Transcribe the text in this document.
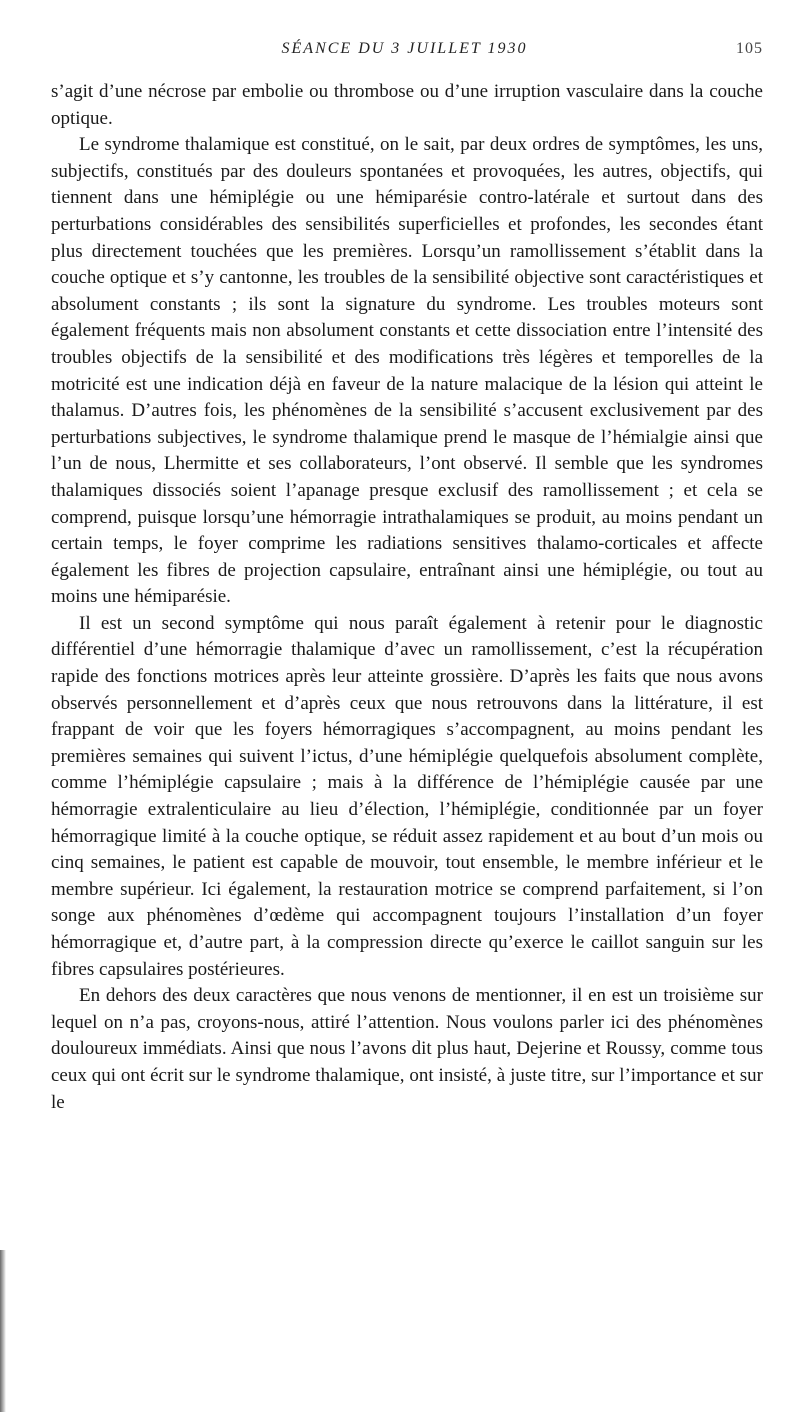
SÉANCE DU 3 JUILLET 1930	105

s’agit d’une nécrose par embolie ou thrombose ou d’une irruption vasculaire dans la couche optique.

Le syndrome thalamique est constitué, on le sait, par deux ordres de symptômes, les uns, subjectifs, constitués par des douleurs spontanées et provoquées, les autres, objectifs, qui tiennent dans une hémiplégie ou une hémiparésie contro-latérale et surtout dans des perturbations considérables des sensibilités superficielles et profondes, les secondes étant plus directement touchées que les premières. Lorsqu’un ramollissement s’établit dans la couche optique et s’y cantonne, les troubles de la sensibilité objective sont caractéristiques et absolument constants ; ils sont la signature du syndrome. Les troubles moteurs sont également fréquents mais non absolument constants et cette dissociation entre l’intensité des troubles objectifs de la sensibilité et des modifications très légères et temporelles de la motricité est une indication déjà en faveur de la nature malacique de la lésion qui atteint le thalamus. D’autres fois, les phénomènes de la sensibilité s’accusent exclusivement par des perturbations subjectives, le syndrome thalamique prend le masque de l’hémialgie ainsi que l’un de nous, Lhermitte et ses collaborateurs, l’ont observé. Il semble que les syndromes thalamiques dissociés soient l’apanage presque exclusif des ramollissement ; et cela se comprend, puisque lorsqu’une hémorragie intrathalamiques se produit, au moins pendant un certain temps, le foyer comprime les radiations sensitives thalamo-corticales et affecte également les fibres de projection capsulaire, entraînant ainsi une hémiplégie, ou tout au moins une hémiparésie.

Il est un second symptôme qui nous paraît également à retenir pour le diagnostic différentiel d’une hémorragie thalamique d’avec un ramollissement, c’est la récupération rapide des fonctions motrices après leur atteinte grossière. D’après les faits que nous avons observés personnellement et d’après ceux que nous retrouvons dans la littérature, il est frappant de voir que les foyers hémorragiques s’accompagnent, au moins pendant les premières semaines qui suivent l’ictus, d’une hémiplégie quelquefois absolument complète, comme l’hémiplégie capsulaire ; mais à la différence de l’hémiplégie causée par une hémorragie extralenticulaire au lieu d’élection, l’hémiplégie, conditionnée par un foyer hémorragique limité à la couche optique, se réduit assez rapidement et au bout d’un mois ou cinq semaines, le patient est capable de mouvoir, tout ensemble, le membre inférieur et le membre supérieur. Ici également, la restauration motrice se comprend parfaitement, si l’on songe aux phénomènes d’œdème qui accompagnent toujours l’installation d’un foyer hémorragique et, d’autre part, à la compression directe qu’exerce le caillot sanguin sur les fibres capsulaires postérieures.

En dehors des deux caractères que nous venons de mentionner, il en est un troisième sur lequel on n’a pas, croyons-nous, attiré l’attention. Nous voulons parler ici des phénomènes douloureux immédiats. Ainsi que nous l’avons dit plus haut, Dejerine et Roussy, comme tous ceux qui ont écrit sur le syndrome thalamique, ont insisté, à juste titre, sur l’importance et sur le
